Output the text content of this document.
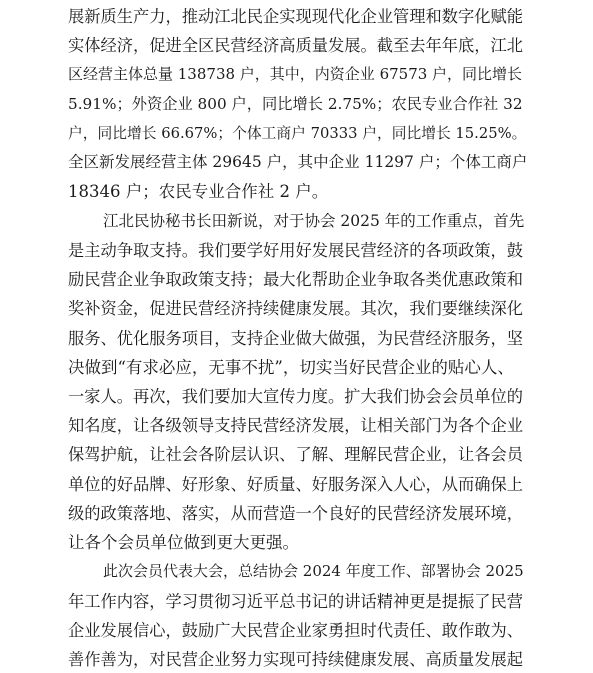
展新质生产力，推动江北民企实现现代化企业管理和数字化赋能
实体经济，促进全区民营经济高质量发展。截至去年年底，江北
区经营主体总量 138738 户，其中，内资企业 67573 户，同比增长
5.91%；外资企业 800 户，同比增长 2.75%；农民专业合作社 32
户，同比增长 66.67%；个体工商户 70333 户，同比增长 15.25%。
全区新发展经营主体 29645 户，其中企业 11297 户；个体工商户
18346 户；农民专业合作社 2 户。
江北民协秘书长田新说，对于协会 2025 年的工作重点，首先
是主动争取支持。我们要学好用好发展民营经济的各项政策，鼓
励民营企业争取政策支持；最大化帮助企业争取各类优惠政策和
奖补资金，促进民营经济持续健康发展。其次，我们要继续深化
服务、优化服务项目，支持企业做大做强，为民营经济服务，坚
决做到“有求必应，无事不扰”，切实当好民营企业的贴心人、
一家人。再次，我们要加大宣传力度。扩大我们协会会员单位的
知名度，让各级领导支持民营经济发展，让相关部门为各个企业
保驾护航，让社会各阶层认识、了解、理解民营企业，让各会员
单位的好品牌、好形象、好质量、好服务深入人心，从而确保上
级的政策落地、落实，从而营造一个良好的民营经济发展环境，
让各个会员单位做到更大更强。
此次会员代表大会，总结协会 2024 年度工作、部署协会 2025
年工作内容，学习贯彻习近平总书记的讲话精神更是提振了民营
企业发展信心，鼓励广大民营企业家勇担时代责任、敢作敢为、
善作善为，对民营企业努力实现可持续健康发展、高质量发展起
